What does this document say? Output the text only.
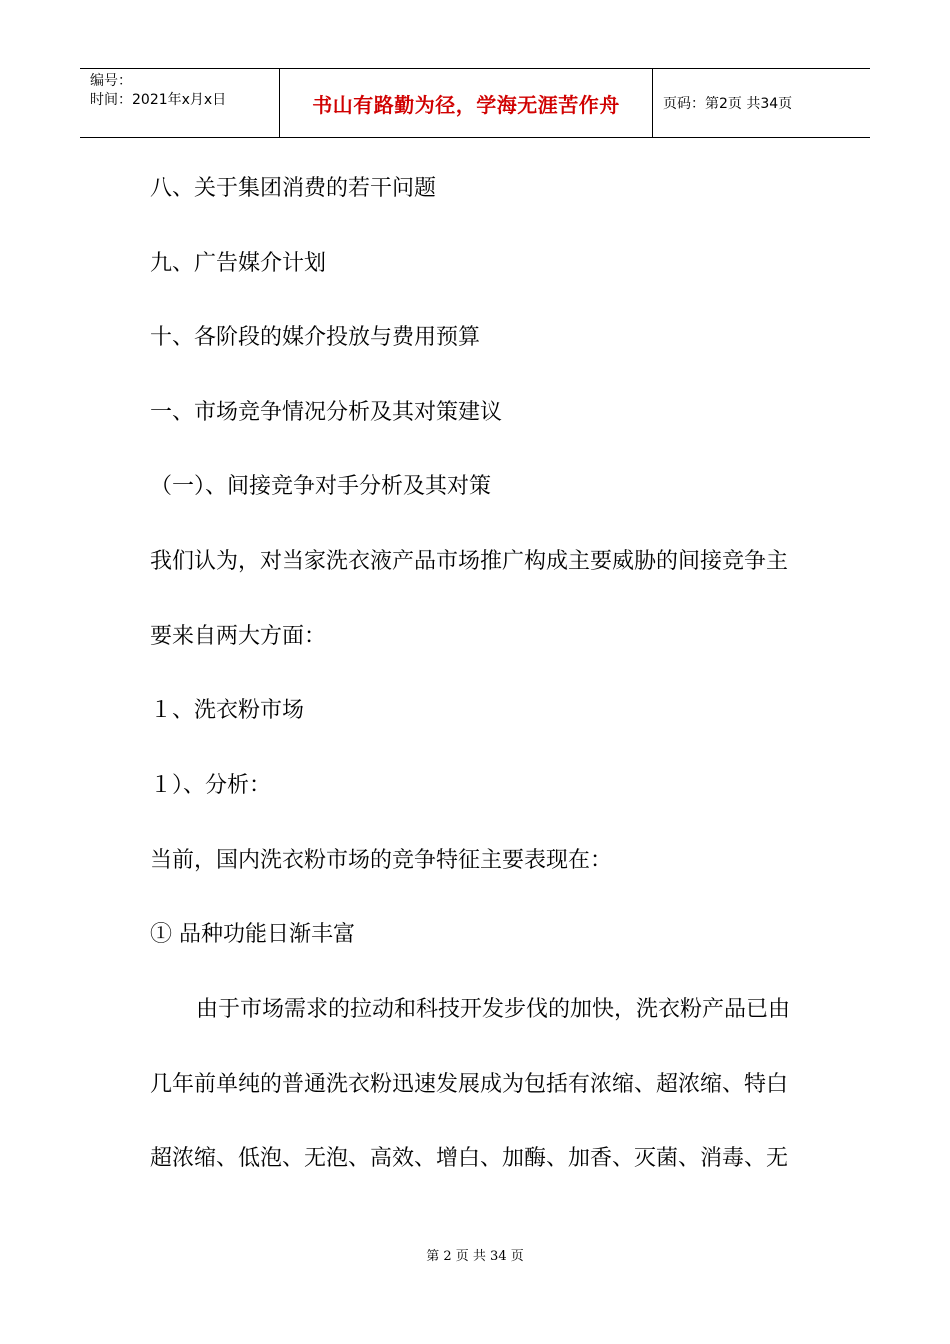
编号：
时间：2021年x月x日	书山有路勤为径，学海无涯苦作舟	页码：第2页 共34页
八、关于集团消费的若干问题
九、广告媒介计划
十、各阶段的媒介投放与费用预算
一、市场竞争情况分析及其对策建议
（一）、间接竞争对手分析及其对策
我们认为，对当家洗衣液产品市场推广构成主要威胁的间接竞争主
要来自两大方面：
１、洗衣粉市场
１）、分析：
当前，国内洗衣粉市场的竞争特征主要表现在：
① 品种功能日渐丰富
由于市场需求的拉动和科技开发步伐的加快，洗衣粉产品已由
几年前单纯的普通洗衣粉迅速发展成为包括有浓缩、超浓缩、特白
超浓缩、低泡、无泡、高效、增白、加酶、加香、灭菌、消毒、无
第 2 页 共 34 页
